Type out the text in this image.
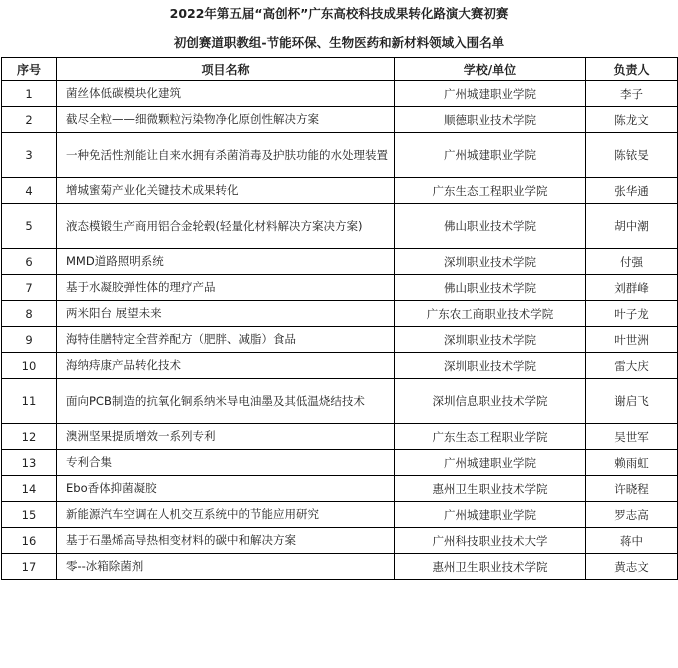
2022年第五届“高创杯”广东高校科技成果转化路演大赛初赛

初创赛道职教组-节能环保、生物医药和新材料领域入围名单

序号	项目名称	学校/单位	负责人
1	菌丝体低碳模块化建筑	广州城建职业学院	李子
2	截尽全粒——细微颗粒污染物净化原创性解决方案	顺德职业技术学院	陈龙文
3	一种免活性剂能让自来水拥有杀菌消毒及护肤功能的水处理装置	广州城建职业学院	陈铱旻
4	增城蜜菊产业化关键技术成果转化	广东生态工程职业学院	张华通
5	液态模锻生产商用铝合金轮毂(轻量化材料解决方案决方案)	佛山职业技术学院	胡中潮
6	MMD道路照明系统	深圳职业技术学院	付强
7	基于水凝胶弹性体的理疗产品	佛山职业技术学院	刘群峰
8	两米阳台 展望未来	广东农工商职业技术学院	叶子龙
9	海特佳膳特定全营养配方（肥胖、减脂）食品	深圳职业技术学院	叶世洲
10	海纳痔康产品转化技术	深圳职业技术学院	雷大庆
11	面向PCB制造的抗氧化铜系纳米导电油墨及其低温烧结技术	深圳信息职业技术学院	谢启飞
12	澳洲坚果提质增效一系列专利	广东生态工程职业学院	吴世军
13	专利合集	广州城建职业学院	赖雨虹
14	Ebo香体抑菌凝胶	惠州卫生职业技术学院	许晓程
15	新能源汽车空调在人机交互系统中的节能应用研究	广州城建职业学院	罗志高
16	基于石墨烯高导热相变材料的碳中和解决方案	广州科技职业技术大学	蒋中
17	零--冰箱除菌剂	惠州卫生职业技术学院	黄志文
